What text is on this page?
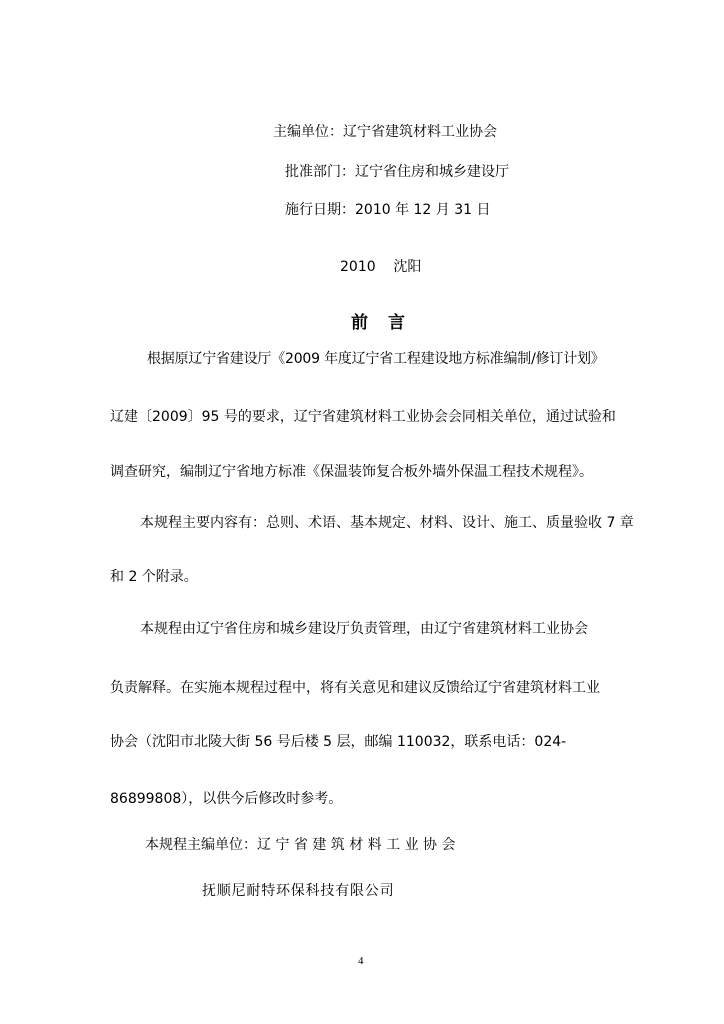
主编单位：辽宁省建筑材料工业协会
批准部门：辽宁省住房和城乡建设厅
施行日期：2010 年 12 月 31 日
2010    沈阳
前言
根据原辽宁省建设厅《2009 年度辽宁省工程建设地方标准编制/修订计划》
辽建〔2009〕95 号的要求，辽宁省建筑材料工业协会会同相关单位，通过试验和
调查研究，编制辽宁省地方标准《保温装饰复合板外墙外保温工程技术规程》。
本规程主要内容有：总则、术语、基本规定、材料、设计、施工、质量验收 7 章
和 2 个附录。
本规程由辽宁省住房和城乡建设厅负责管理，由辽宁省建筑材料工业协会
负责解释。在实施本规程过程中，将有关意见和建议反馈给辽宁省建筑材料工业
协会（沈阳市北陵大街 56 号后楼 5 层，邮编 110032，联系电话：024-
86899808），以供今后修改时参考。
本规程主编单位：辽 宁 省 建 筑 材 料 工 业 协 会
抚顺尼耐特环保科技有限公司
4
